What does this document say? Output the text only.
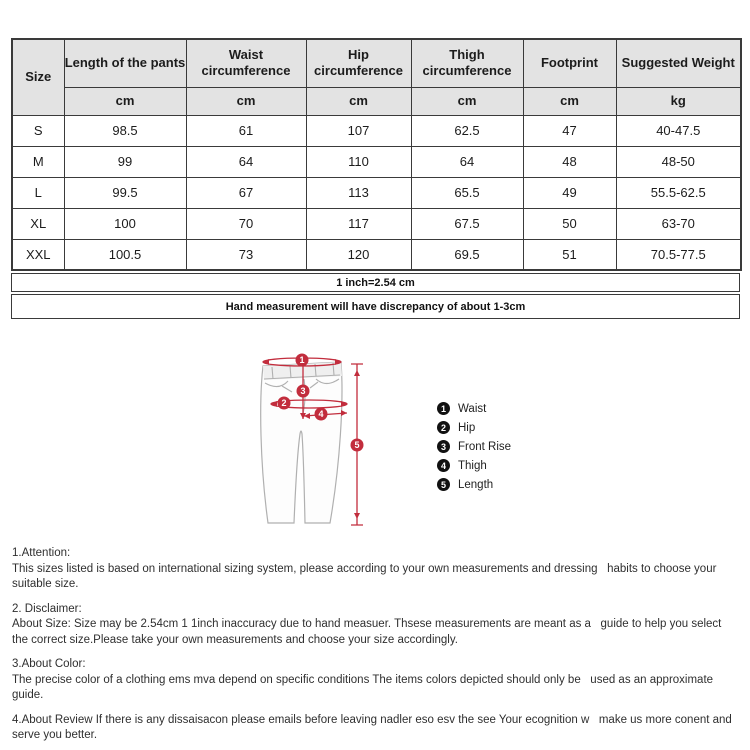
Size	Length of the pants	Waist circumference	Hip circumference	Thigh circumference	Footprint	Suggested Weight
	cm	cm	cm	cm	cm	kg
S	98.5	61	107	62.5	47	40-47.5
M	99	64	110	64	48	48-50
L	99.5	67	113	65.5	49	55.5-62.5
XL	100	70	117	67.5	50	63-70
XXL	100.5	73	120	69.5	51	70.5-77.5
1 inch=2.54 cm
Hand measurement will have discrepancy of about 1-3cm
1
3
2
4
5
1	Waist
2	Hip
3	Front Rise
4	Thigh
5	Length
1.Attention:
This sizes listed is based on international sizing system, please according to your own measurements and dressing   habits to choose your suitable size.
2. Disclaimer:
About Size: Size may be 2.54cm 1 1inch inaccuracy due to hand measuer. Thsese measurements are meant as a   guide to help you select the correct size.Please take your own measurements and choose your size accordingly.
3.About Color:
The precise color of a clothing ems mva depend on specific conditions The items colors depicted should only be   used as an approximate guide.
4.About Review If there is any dissaisacon please emails before leaving nadler eso esv the see Your ecognition w   make us more conent and serve you better.
